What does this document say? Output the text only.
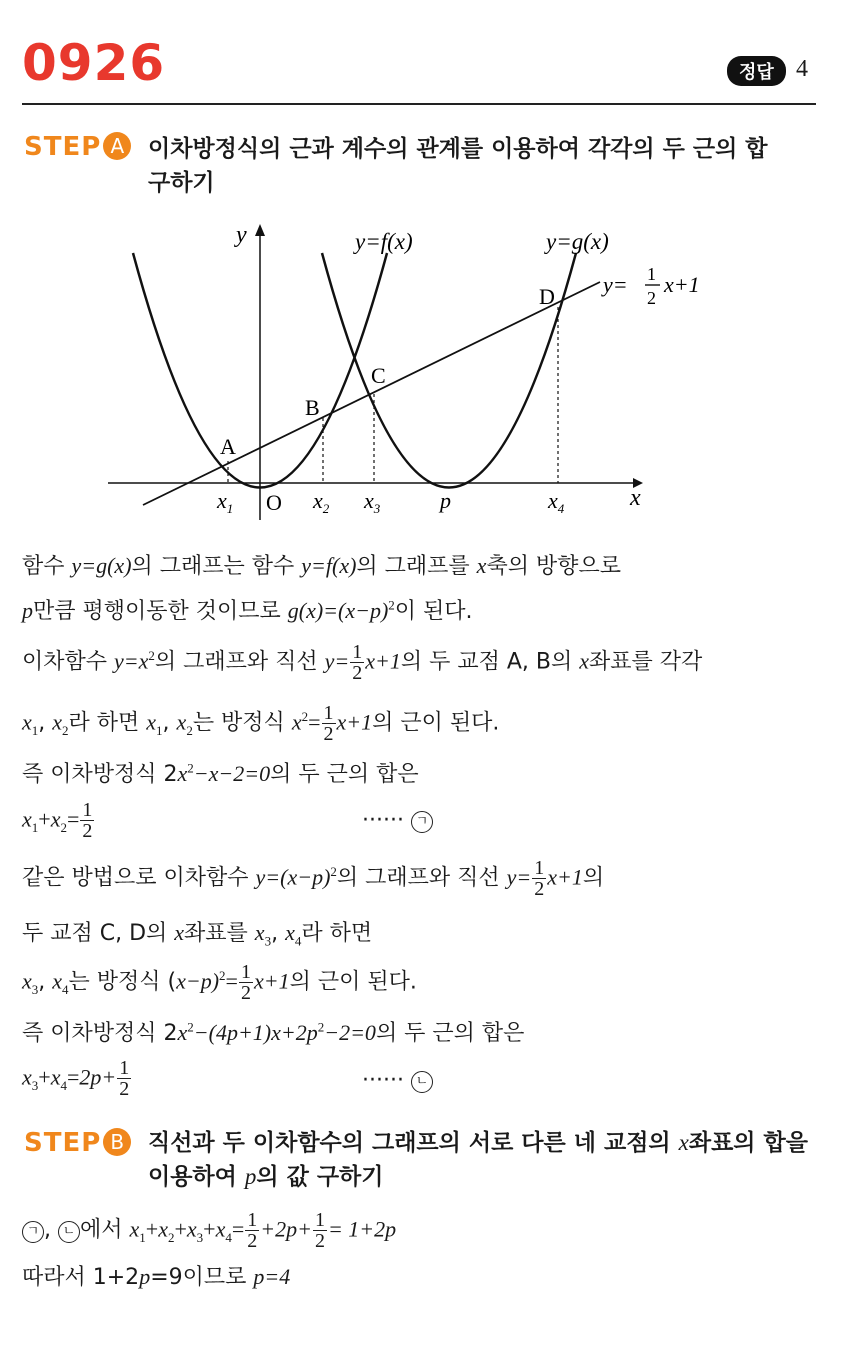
0926	정답 4
STEP A	이차방정식의 근과 계수의 관계를 이용하여 각각의 두 근의 합
구하기
y
x
O
y=f(x)	y=g(x)
y= 1
2
x+1
A
B
C
D
$x_1$	$x_2$ $x_3$	p	$x_4$
함수 y=g(x)의 그래프는 함수 y=f(x)의 그래프를 x축의 방향으로
p만큼 평행이동한 것이므로 $g(x)=(x-p)^2$이 된다.
이차함수 $y=x^2$의 그래프와 직선 $y= \frac{1}{2} x+1$의 두 교점 A, B의 x좌표를 각각
$x_1$, $x_2$라 하면 $x_1$, $x_2$는 방정식 $x^2= \frac{1}{2} x+1$의 근이 된다.
즉 이차방정식 $2x^2-x-2=0$의 두 근의 합은
$x_1+x_2= \frac{1}{2}$	······ ㄱ
같은 방법으로 이차함수 $y=(x-p)^2$의 그래프와 직선 $y= \frac{1}{2} x+1$의
두 교점 C, D의 x좌표를 $x_3$, $x_4$라 하면
$x_3$, $x_4$는 방정식 $(x-p)^2= \frac{1}{2} x+1$의 근이 된다.
즉 이차방정식 $2x^2-(4p+1)x+2p^2-2=0$의 두 근의 합은
$x_3+x_4=2p+ \frac{1}{2}$	······ ㄴ
STEP B	직선과 두 이차함수의 그래프의 서로 다른 네 교점의 x좌표의 합을
이용하여 p의 값 구하기
ㄱ , ㄴ 에서 $x_1+x_2+x_3+x_4= \frac{1}{2} +2p+ \frac{1}{2} = 1+2p$
따라서 1+2p=9이므로 p=4
